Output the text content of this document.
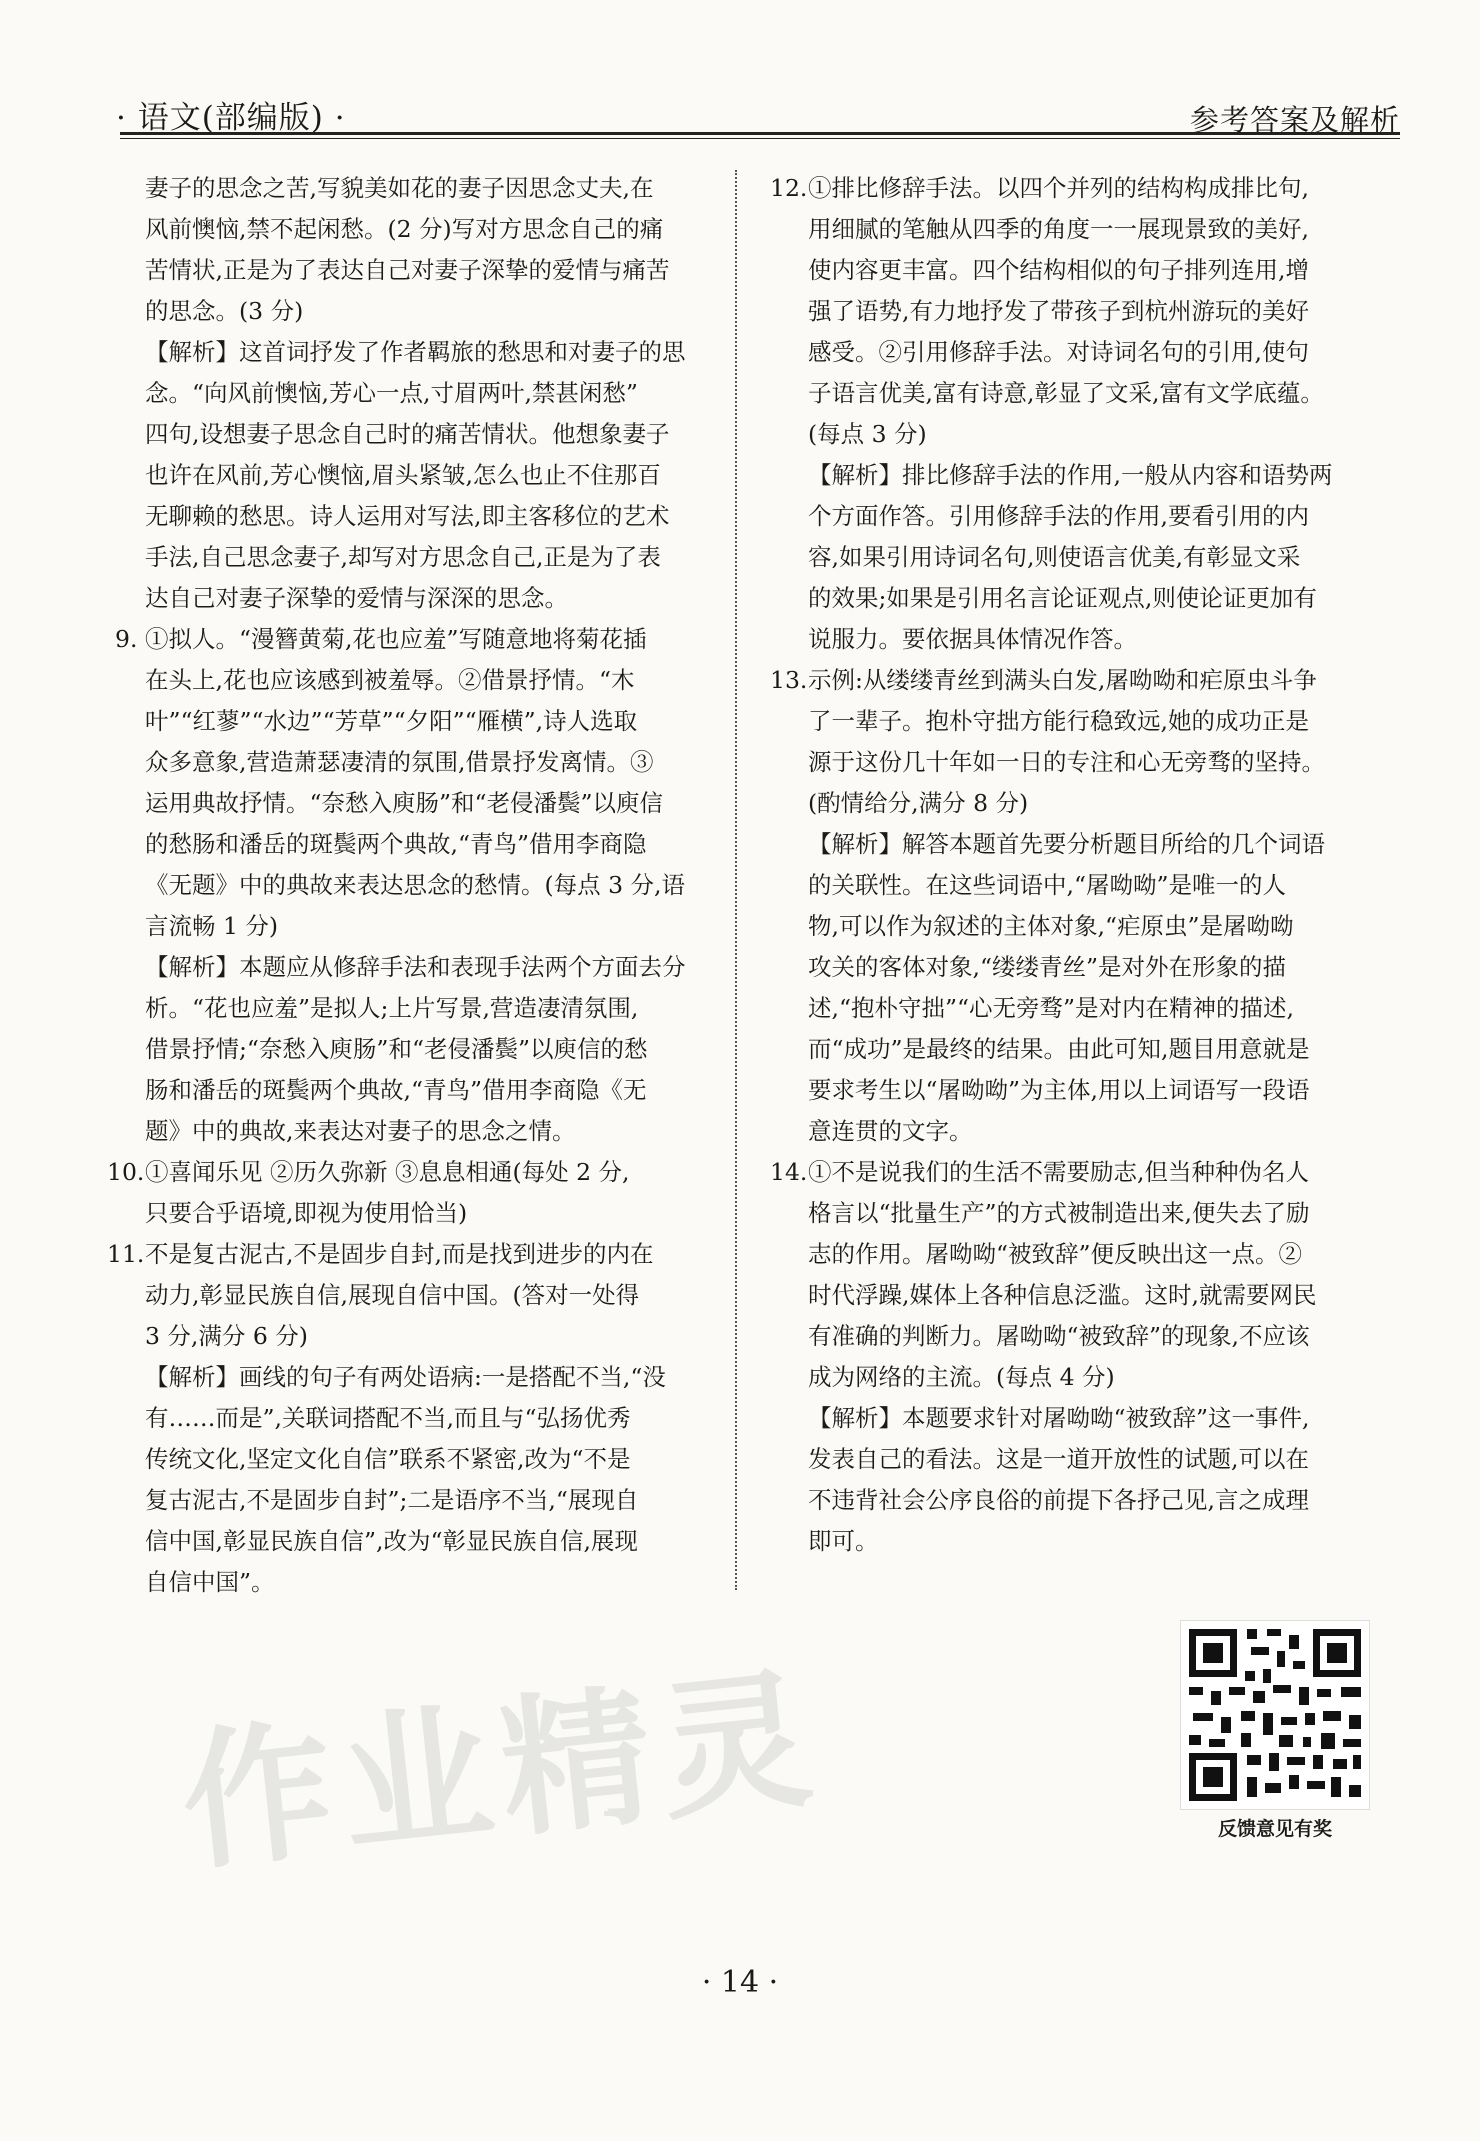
· 语文(部编版) ·	参考答案及解析
妻子的思念之苦,写貌美如花的妻子因思念丈夫,在
风前懊恼,禁不起闲愁。(2 分)写对方思念自己的痛
苦情状,正是为了表达自己对妻子深挚的爱情与痛苦
的思念。(3 分)
【解析】这首词抒发了作者羁旅的愁思和对妻子的思
念。“向风前懊恼,芳心一点,寸眉两叶,禁甚闲愁”
四句,设想妻子思念自己时的痛苦情状。他想象妻子
也许在风前,芳心懊恼,眉头紧皱,怎么也止不住那百
无聊赖的愁思。诗人运用对写法,即主客移位的艺术
手法,自己思念妻子,却写对方思念自己,正是为了表
达自己对妻子深挚的爱情与深深的思念。
9. ①拟人。“漫簪黄菊,花也应羞”写随意地将菊花插
在头上,花也应该感到被羞辱。②借景抒情。“木
叶”“红蓼”“水边”“芳草”“夕阳”“雁横”,诗人选取
众多意象,营造萧瑟凄清的氛围,借景抒发离情。③
运用典故抒情。“奈愁入庾肠”和“老侵潘鬓”以庾信
的愁肠和潘岳的斑鬓两个典故,“青鸟”借用李商隐
《无题》中的典故来表达思念的愁情。(每点 3 分,语
言流畅 1 分)
【解析】本题应从修辞手法和表现手法两个方面去分
析。“花也应羞”是拟人;上片写景,营造凄清氛围,
借景抒情;“奈愁入庾肠”和“老侵潘鬓”以庾信的愁
肠和潘岳的斑鬓两个典故,“青鸟”借用李商隐《无
题》中的典故,来表达对妻子的思念之情。
10. ①喜闻乐见 ②历久弥新 ③息息相通(每处 2 分,
只要合乎语境,即视为使用恰当)
11. 不是复古泥古,不是固步自封,而是找到进步的内在
动力,彰显民族自信,展现自信中国。(答对一处得
3 分,满分 6 分)
【解析】画线的句子有两处语病:一是搭配不当,“没
有……而是”,关联词搭配不当,而且与“弘扬优秀
传统文化,坚定文化自信”联系不紧密,改为“不是
复古泥古,不是固步自封”;二是语序不当,“展现自
信中国,彰显民族自信”,改为“彰显民族自信,展现
自信中国”。
12. ①排比修辞手法。以四个并列的结构构成排比句,
用细腻的笔触从四季的角度一一展现景致的美好,
使内容更丰富。四个结构相似的句子排列连用,增
强了语势,有力地抒发了带孩子到杭州游玩的美好
感受。②引用修辞手法。对诗词名句的引用,使句
子语言优美,富有诗意,彰显了文采,富有文学底蕴。
(每点 3 分)
【解析】排比修辞手法的作用,一般从内容和语势两
个方面作答。引用修辞手法的作用,要看引用的内
容,如果引用诗词名句,则使语言优美,有彰显文采
的效果;如果是引用名言论证观点,则使论证更加有
说服力。要依据具体情况作答。
13. 示例:从缕缕青丝到满头白发,屠呦呦和疟原虫斗争
了一辈子。抱朴守拙方能行稳致远,她的成功正是
源于这份几十年如一日的专注和心无旁骛的坚持。
(酌情给分,满分 8 分)
【解析】解答本题首先要分析题目所给的几个词语
的关联性。在这些词语中,“屠呦呦”是唯一的人
物,可以作为叙述的主体对象,“疟原虫”是屠呦呦
攻关的客体对象,“缕缕青丝”是对外在形象的描
述,“抱朴守拙”“心无旁骛”是对内在精神的描述,
而“成功”是最终的结果。由此可知,题目用意就是
要求考生以“屠呦呦”为主体,用以上词语写一段语
意连贯的文字。
14. ①不是说我们的生活不需要励志,但当种种伪名人
格言以“批量生产”的方式被制造出来,便失去了励
志的作用。屠呦呦“被致辞”便反映出这一点。②
时代浮躁,媒体上各种信息泛滥。这时,就需要网民
有准确的判断力。屠呦呦“被致辞”的现象,不应该
成为网络的主流。(每点 4 分)
【解析】本题要求针对屠呦呦“被致辞”这一事件,
发表自己的看法。这是一道开放性的试题,可以在
不违背社会公序良俗的前提下各抒己见,言之成理
即可。
反馈意见有奖
作业精灵
· 14 ·
